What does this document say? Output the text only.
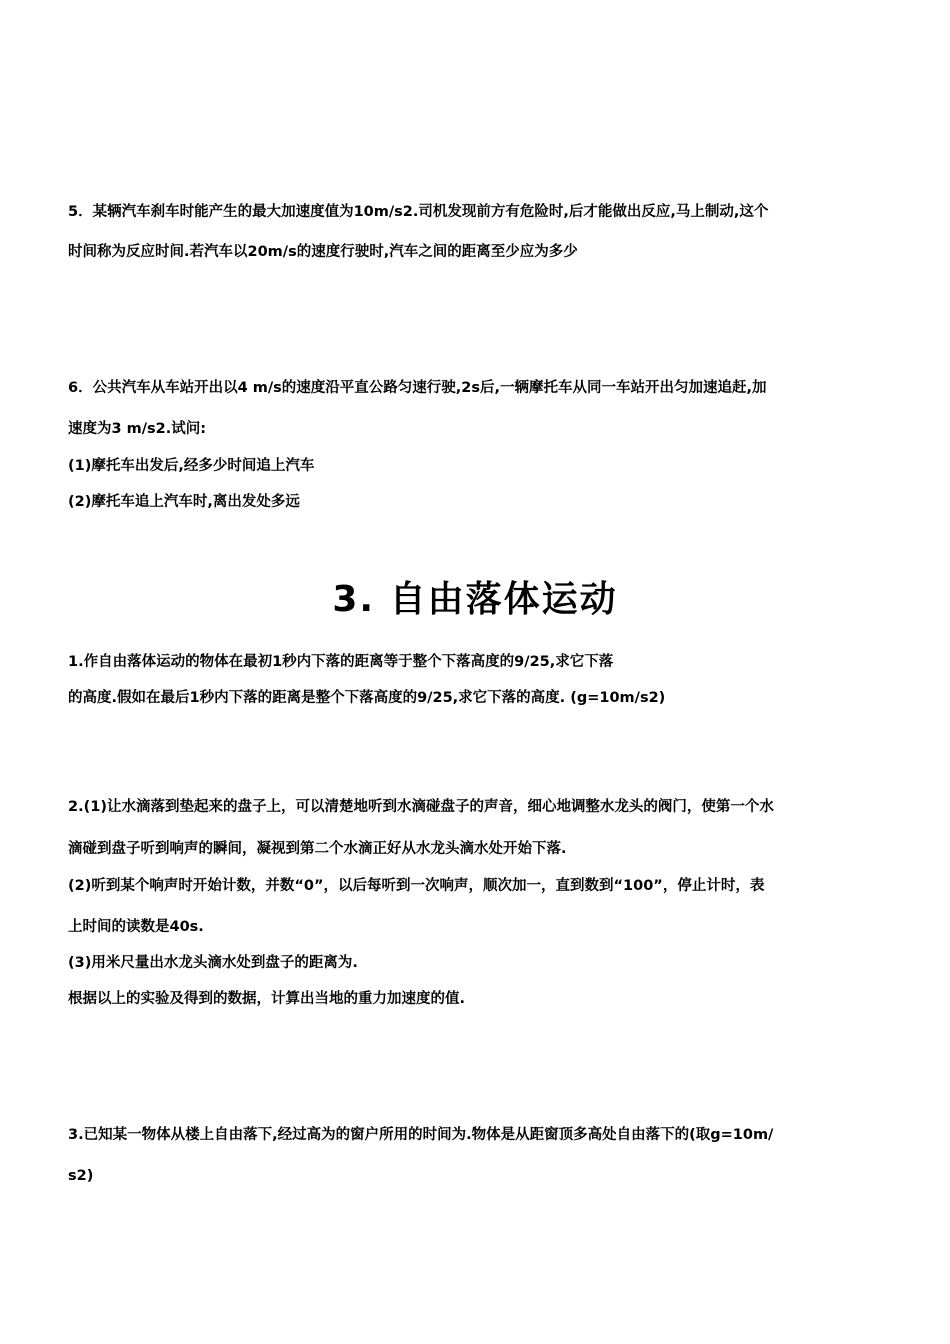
5．某辆汽车刹车时能产生的最大加速度值为10m/s2.司机发现前方有危险时,后才能做出反应,马上制动,这个
时间称为反应时间.若汽车以20m/s的速度行驶时,汽车之间的距离至少应为多少
6．公共汽车从车站开出以4 m/s的速度沿平直公路匀速行驶,2s后,一辆摩托车从同一车站开出匀加速追赶,加
速度为3 m/s2.试问:
(1)摩托车出发后,经多少时间追上汽车
(2)摩托车追上汽车时,离出发处多远
3. 自由落体运动
1.作自由落体运动的物体在最初1秒内下落的距离等于整个下落高度的9/25,求它下落
的高度.假如在最后1秒内下落的距离是整个下落高度的9/25,求它下落的高度. (g=10m/s2)
2.(1)让水滴落到垫起来的盘子上，可以清楚地听到水滴碰盘子的声音，细心地调整水龙头的阀门，使第一个水
滴碰到盘子听到响声的瞬间，凝视到第二个水滴正好从水龙头滴水处开始下落.
(2)听到某个响声时开始计数，并数“0”，以后每听到一次响声，顺次加一，直到数到“100”，停止计时，表
上时间的读数是40s.
(3)用米尺量出水龙头滴水处到盘子的距离为.
根据以上的实验及得到的数据，计算出当地的重力加速度的值.
3.已知某一物体从楼上自由落下,经过高为的窗户所用的时间为.物体是从距窗顶多高处自由落下的(取g=10m/
s2)
